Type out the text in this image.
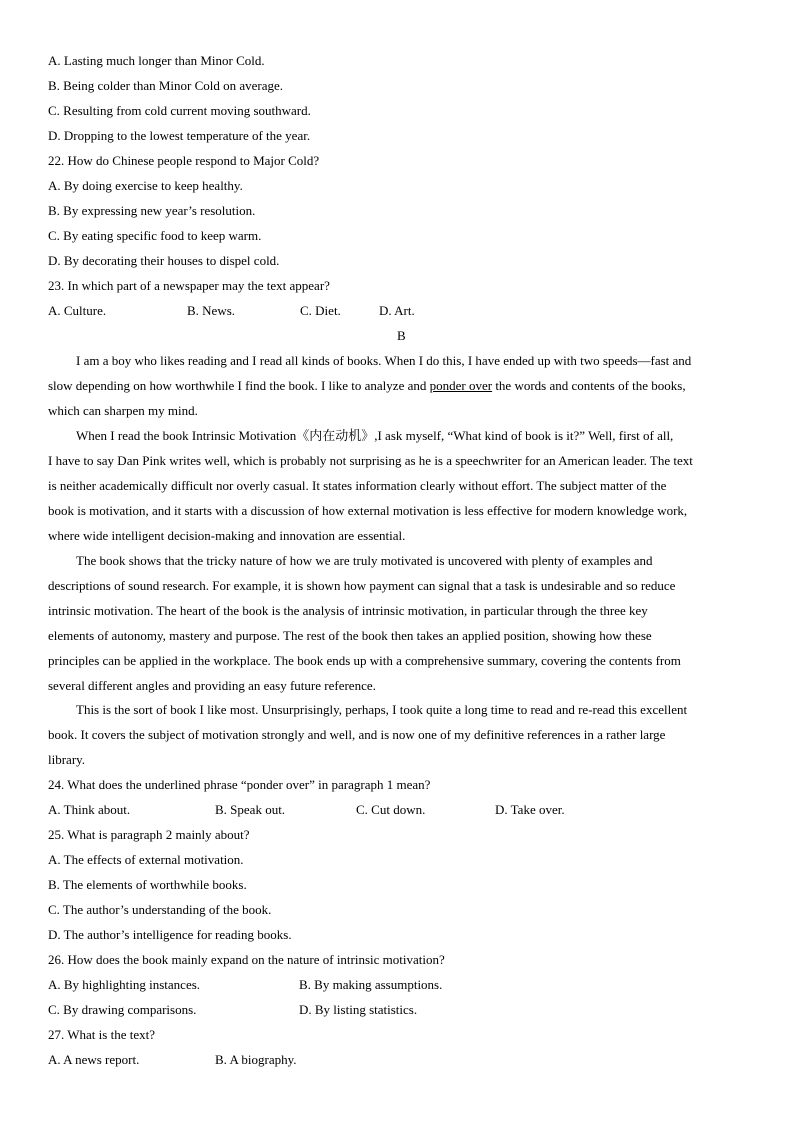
A. Lasting much longer than Minor Cold.
B. Being colder than Minor Cold on average.
C. Resulting from cold current moving southward.
D. Dropping to the lowest temperature of the year.
22. How do Chinese people respond to Major Cold?
A. By doing exercise to keep healthy.
B. By expressing new year’s resolution.
C. By eating specific food to keep warm.
D. By decorating their houses to dispel cold.
23. In which part of a newspaper may the text appear?
A. Culture.	B. News.	C. Diet.	D. Art.
I am a boy who likes reading and I read all kinds of books. When I do this, I have ended up with two speeds—fast and
slow depending on how worthwhile I find the book. I like to analyze and ponder over the words and contents of the books,
which can sharpen my mind.
When I read the book Intrinsic Motivation《内在动机》,I ask myself, “What kind of book is it?” Well, first of all,
I have to say Dan Pink writes well, which is probably not surprising as he is a speechwriter for an American leader. The text
is neither academically difficult nor overly casual. It states information clearly without effort. The subject matter of the
book is motivation, and it starts with a discussion of how external motivation is less effective for modern knowledge work,
where wide intelligent decision-making and innovation are essential.
The book shows that the tricky nature of how we are truly motivated is uncovered with plenty of examples and
descriptions of sound research. For example, it is shown how payment can signal that a task is undesirable and so reduce
intrinsic motivation. The heart of the book is the analysis of intrinsic motivation, in particular through the three key
elements of autonomy, mastery and purpose. The rest of the book then takes an applied position, showing how these
principles can be applied in the workplace. The book ends up with a comprehensive summary, covering the contents from
several different angles and providing an easy future reference.
This is the sort of book I like most. Unsurprisingly, perhaps, I took quite a long time to read and re-read this excellent
book. It covers the subject of motivation strongly and well, and is now one of my definitive references in a rather large
library.
24. What does the underlined phrase “ponder over” in paragraph 1 mean?
A. Think about.	B. Speak out.	C. Cut down.	D. Take over.
25. What is paragraph 2 mainly about?
A. The effects of external motivation.
B. The elements of worthwhile books.
C. The author’s understanding of the book.
D. The author’s intelligence for reading books.
26. How does the book mainly expand on the nature of intrinsic motivation?
A. By highlighting instances.	B. By making assumptions.
C. By drawing comparisons.	D. By listing statistics.
27. What is the text?
A. A news report.	B. A biography.
